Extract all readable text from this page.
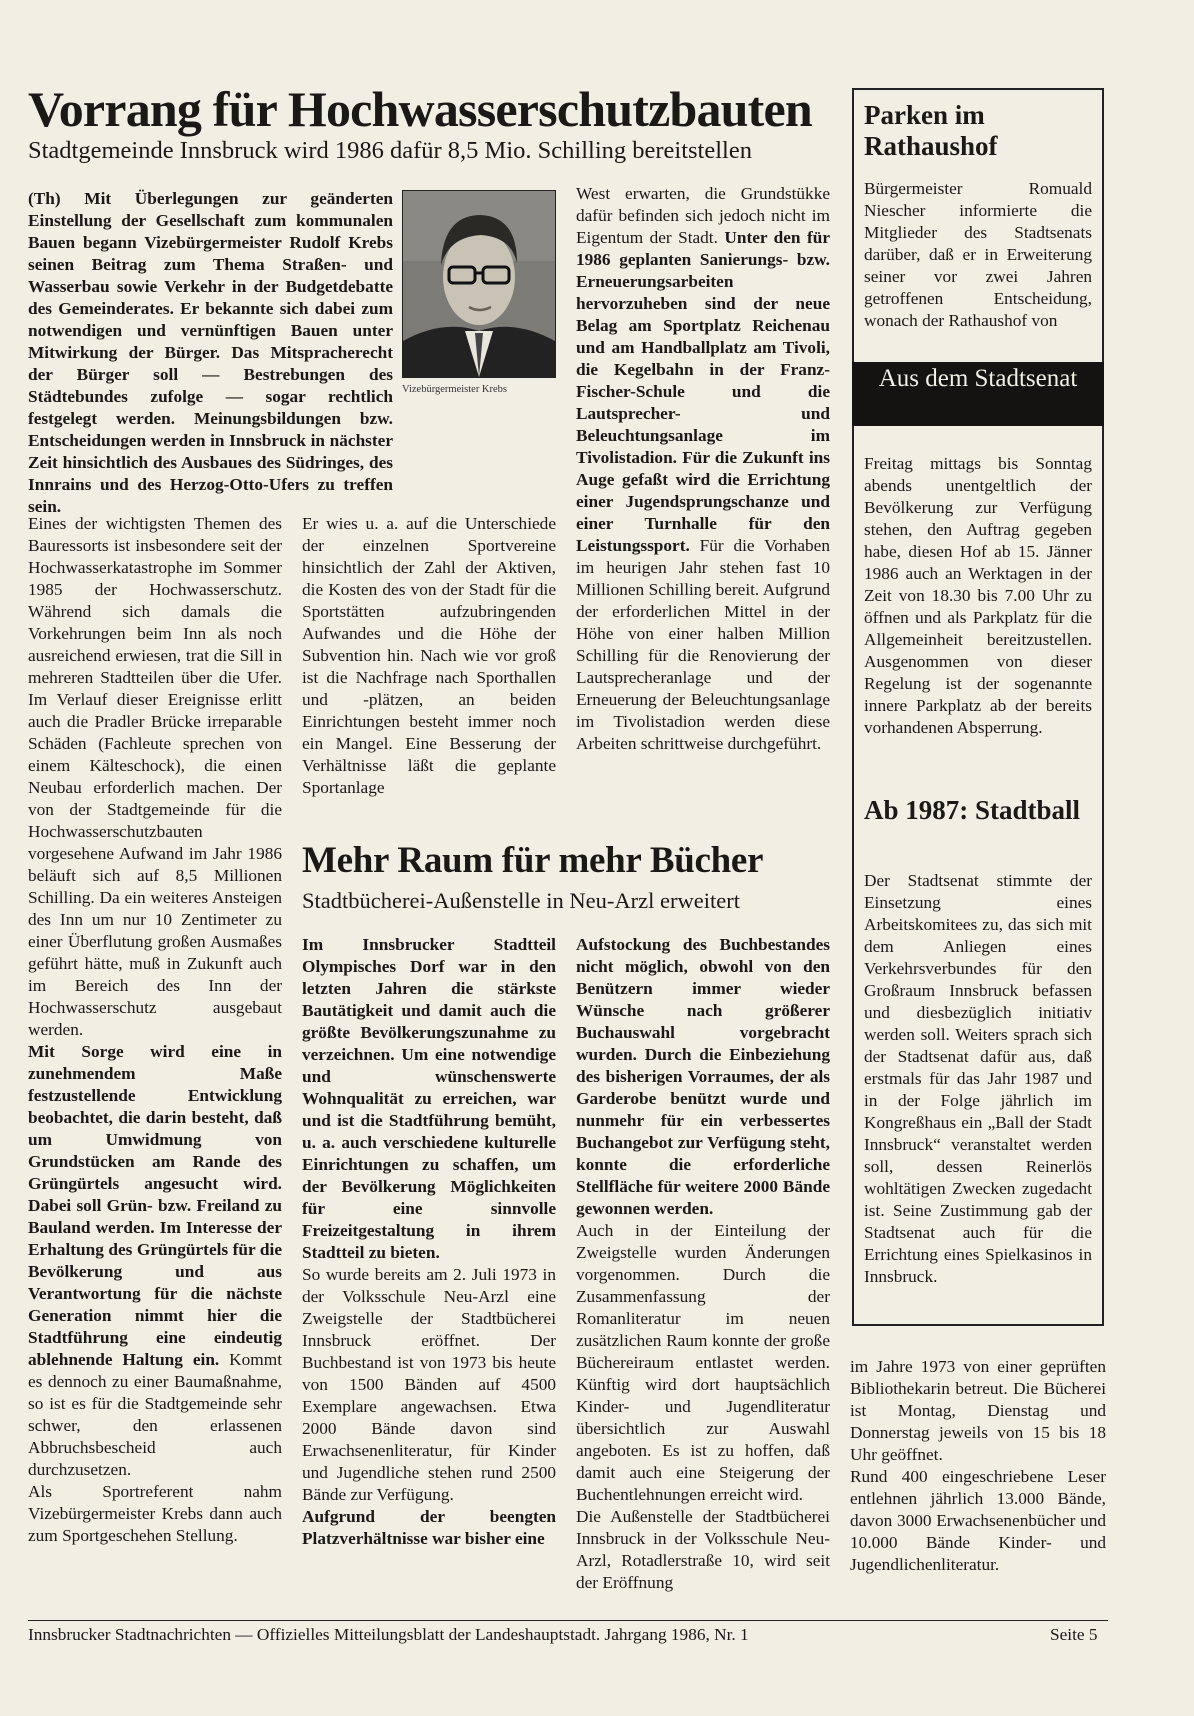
Vorrang für Hochwasserschutzbauten
Stadtgemeinde Innsbruck wird 1986 dafür 8,5 Mio. Schilling bereitstellen

(Th) Mit Überlegungen zur geänderten Einstellung der Gesellschaft zum kommunalen Bauen begann Vizebürgermeister Rudolf Krebs seinen Beitrag zum Thema Straßen- und Wasserbau sowie Verkehr in der Budgetdebatte des Gemeinderates. Er bekannte sich dabei zum notwendigen und vernünftigen Bauen unter Mitwirkung der Bürger. Das Mitspracherecht der Bürger soll — Bestrebungen des Städtebundes zufolge — sogar rechtlich festgelegt werden. Meinungsbildungen bzw. Entscheidungen werden in Innsbruck in nächster Zeit hinsichtlich des Ausbaues des Südringes, des Innrains und des Herzog-Otto-Ufers zu treffen sein.

Vizebürgermeister Krebs

Eines der wichtigsten Themen des Bauressorts ist insbesondere seit der Hochwasserkatastrophe im Sommer 1985 der Hochwasserschutz. Während sich damals die Vorkehrungen beim Inn als noch ausreichend erwiesen, trat die Sill in mehreren Stadtteilen über die Ufer. Im Verlauf dieser Ereignisse erlitt auch die Pradler Brücke irreparable Schäden (Fachleute sprechen von einem Kälteschock), die einen Neubau erforderlich machen. Der von der Stadtgemeinde für die Hochwasserschutzbauten vorgesehene Aufwand im Jahr 1986 beläuft sich auf 8,5 Millionen Schilling. Da ein weiteres Ansteigen des Inn um nur 10 Zentimeter zu einer Überflutung großen Ausmaßes geführt hätte, muß in Zukunft auch im Bereich des Inn der Hochwasserschutz ausgebaut werden.

Mit Sorge wird eine in zunehmendem Maße festzustellende Entwicklung beobachtet, die darin besteht, daß um Umwidmung von Grundstücken am Rande des Grüngürtels angesucht wird. Dabei soll Grün- bzw. Freiland zu Bauland werden. Im Interesse der Erhaltung des Grüngürtels für die Bevölkerung und aus Verantwortung für die nächste Generation nimmt hier die Stadtführung eine eindeutig ablehnende Haltung ein. Kommt es dennoch zu einer Baumaßnahme, so ist es für die Stadtgemeinde sehr schwer, den erlassenen Abbruchsbescheid auch durchzusetzen.

Als Sportreferent nahm Vizebürgermeister Krebs dann auch zum Sportgeschehen Stellung.

Er wies u. a. auf die Unterschiede der einzelnen Sportvereine hinsichtlich der Zahl der Aktiven, die Kosten des von der Stadt für die Sportstätten aufzubringenden Aufwandes und die Höhe der Subvention hin. Nach wie vor groß ist die Nachfrage nach Sporthallen und -plätzen, an beiden Einrichtungen besteht immer noch ein Mangel. Eine Besserung der Verhältnisse läßt die geplante Sportanlage

West erwarten, die Grundstükke dafür befinden sich jedoch nicht im Eigentum der Stadt. Unter den für 1986 geplanten Sanierungs- bzw. Erneuerungsarbeiten hervorzuheben sind der neue Belag am Sportplatz Reichenau und am Handballplatz am Tivoli, die Kegelbahn in der Franz-Fischer-Schule und die Lautsprecher- und Beleuchtungsanlage im Tivolistadion. Für die Zukunft ins Auge gefaßt wird die Errichtung einer Jugendsprungschanze und einer Turnhalle für den Leistungssport. Für die Vorhaben im heurigen Jahr stehen fast 10 Millionen Schilling bereit. Aufgrund der erforderlichen Mittel in der Höhe von einer halben Million Schilling für die Renovierung der Lautsprecheranlage und der Erneuerung der Beleuchtungsanlage im Tivolistadion werden diese Arbeiten schrittweise durchgeführt.

Mehr Raum für mehr Bücher
Stadtbücherei-Außenstelle in Neu-Arzl erweitert

Im Innsbrucker Stadtteil Olympisches Dorf war in den letzten Jahren die stärkste Bautätigkeit und damit auch die größte Bevölkerungszunahme zu verzeichnen. Um eine notwendige und wünschenswerte Wohnqualität zu erreichen, war und ist die Stadtführung bemüht, u. a. auch verschiedene kulturelle Einrichtungen zu schaffen, um der Bevölkerung Möglichkeiten für eine sinnvolle Freizeitgestaltung in ihrem Stadtteil zu bieten.

So wurde bereits am 2. Juli 1973 in der Volksschule Neu-Arzl eine Zweigstelle der Stadtbücherei Innsbruck eröffnet. Der Buchbestand ist von 1973 bis heute von 1500 Bänden auf 4500 Exemplare angewachsen. Etwa 2000 Bände davon sind Erwachsenenliteratur, für Kinder und Jugendliche stehen rund 2500 Bände zur Verfügung.

Aufgrund der beengten Platzverhältnisse war bisher eine

Aufstockung des Buchbestandes nicht möglich, obwohl von den Benützern immer wieder Wünsche nach größerer Buchauswahl vorgebracht wurden. Durch die Einbeziehung des bisherigen Vorraumes, der als Garderobe benützt wurde und nunmehr für ein verbessertes Buchangebot zur Verfügung steht, konnte die erforderliche Stellfläche für weitere 2000 Bände gewonnen werden.

Auch in der Einteilung der Zweigstelle wurden Änderungen vorgenommen. Durch die Zusammenfassung der Romanliteratur im neuen zusätzlichen Raum konnte der große Büchereiraum entlastet werden. Künftig wird dort hauptsächlich Kinder- und Jugendliteratur übersichtlich zur Auswahl angeboten. Es ist zu hoffen, daß damit auch eine Steigerung der Buchentlehnungen erreicht wird.

Die Außenstelle der Stadtbücherei Innsbruck in der Volksschule Neu-Arzl, Rotadlerstraße 10, wird seit der Eröffnung

im Jahre 1973 von einer geprüften Bibliothekarin betreut. Die Bücherei ist Montag, Dienstag und Donnerstag jeweils von 15 bis 18 Uhr geöffnet.

Rund 400 eingeschriebene Leser entlehnen jährlich 13.000 Bände, davon 3000 Erwachsenenbücher und 10.000 Bände Kinder- und Jugendlichenliteratur.

Parken im Rathaushof

Bürgermeister Romuald Niescher informierte die Mitglieder des Stadtsenats darüber, daß er in Erweiterung seiner vor zwei Jahren getroffenen Entscheidung, wonach der Rathaushof von

Aus dem Stadtsenat

Freitag mittags bis Sonntag abends unentgeltlich der Bevölkerung zur Verfügung stehen, den Auftrag gegeben habe, diesen Hof ab 15. Jänner 1986 auch an Werktagen in der Zeit von 18.30 bis 7.00 Uhr zu öffnen und als Parkplatz für die Allgemeinheit bereitzustellen. Ausgenommen von dieser Regelung ist der sogenannte innere Parkplatz ab der bereits vorhandenen Absperrung.

Ab 1987: Stadtball

Der Stadtsenat stimmte der Einsetzung eines Arbeitskomitees zu, das sich mit dem Anliegen eines Verkehrsverbundes für den Großraum Innsbruck befassen und diesbezüglich initiativ werden soll. Weiters sprach sich der Stadtsenat dafür aus, daß erstmals für das Jahr 1987 und in der Folge jährlich im Kongreßhaus ein „Ball der Stadt Innsbruck“ veranstaltet werden soll, dessen Reinerlös wohltätigen Zwecken zugedacht ist. Seine Zustimmung gab der Stadtsenat auch für die Errichtung eines Spielkasinos in Innsbruck.

Innsbrucker Stadtnachrichten — Offizielles Mitteilungsblatt der Landeshauptstadt. Jahrgang 1986, Nr. 1	Seite 5
